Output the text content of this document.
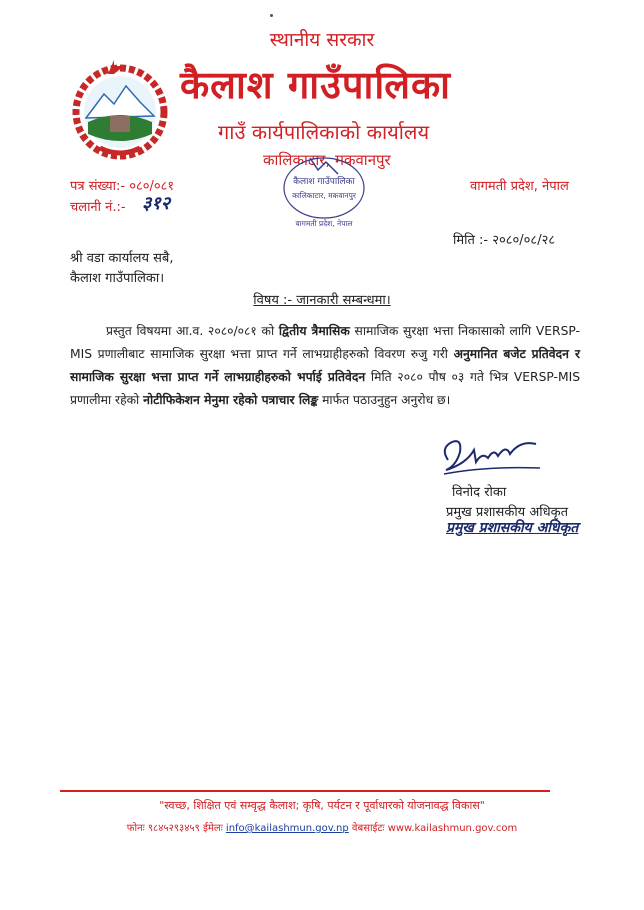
स्थानीय सरकार
कैलाश गाउँपालिका
गाउँ कार्यपालिकाको कार्यालय
कालिकाटार, मकवानपुर
पत्र संख्या:- ०८०/०८१
चलानी नं.:- ३१२
वागमती प्रदेश, नेपाल
कैलाश गाउँपालिका
कालिकाटार, मकवानपुर
वागमती प्रदेश, नेपाल
मिति :- २०८०/०८/२८
श्री वडा कार्यालय सबै,
कैलाश गाउँपालिका।
विषय :- जानकारी सम्बन्धमा।
प्रस्तुत विषयमा आ.व. २०८०/०८१ को द्वितीय त्रैमासिक सामाजिक सुरक्षा भत्ता निकासाको लागि VERSP-MIS प्रणालीबाट सामाजिक सुरक्षा भत्ता प्राप्त गर्ने लाभग्राहीहरुको विवरण रुजु गरी अनुमानित बजेट प्रतिवेदन र सामाजिक सुरक्षा भत्ता प्राप्त गर्ने लाभग्राहीहरुको भर्पाई प्रतिवेदन मिति २०८० पौष ०३ गते भित्र VERSP-MIS प्रणालीमा रहेको नोटीफिकेशन मेनुमा रहेको पत्राचार लिङ्क मार्फत पठाउनुहुन अनुरोध छ।
विनोद रोका
प्रमुख प्रशासकीय अधिकृत
प्रमुख प्रशासकीय अधिकृत
"स्वच्छ, शिक्षित एवं सम्वृद्ध कैलाश; कृषि, पर्यटन र पूर्वाधारको योजनावद्ध विकास"
फोनः ९८४५२९३४५९ ईमेलः info@kailashmun.gov.np वेबसाईटः www.kailashmun.gov.com
